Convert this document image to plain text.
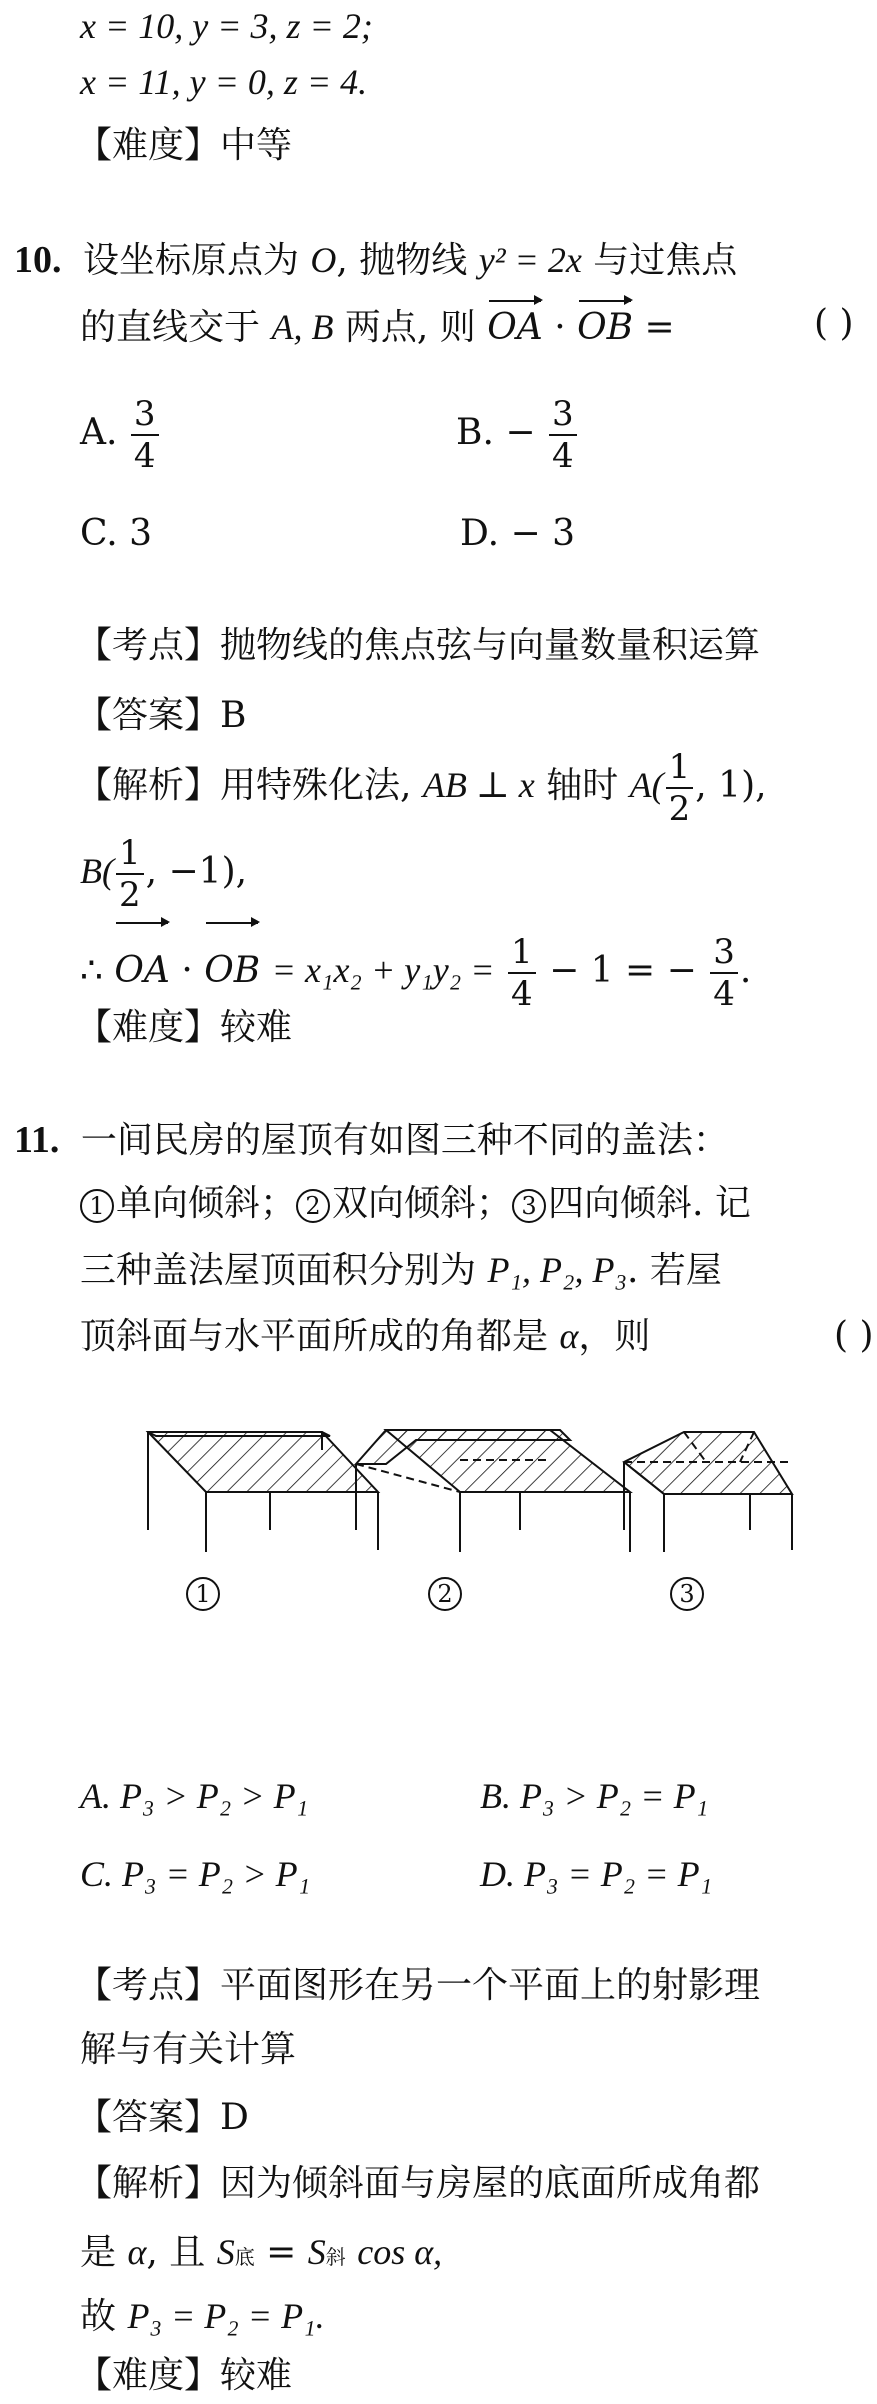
x = 10, y = 3, z = 2;
x = 11, y = 0, z = 4.
【难度】中等
10. 设坐标原点为 O, 抛物线 y² = 2x 与过焦点
的直线交于 A, B 两点, 则 OA · OB =	( )
A. $\frac{3}{4}$	B. − $\frac{3}{4}$
C. 3	D. − 3
【考点】抛物线的焦点弦与向量数量积运算
【答案】B
【解析】用特殊化法, AB ⊥ x 轴时 $A( \frac{1}{2}$ , 1),
$B( \frac{1}{2}$ , −1),
∴ OA · OB = $x_1x_2 + y_1y_2 = \frac{1}{4} - 1$ = − $\frac{3}{4}$ .
【难度】较难
11. 一间民房的屋顶有如图三种不同的盖法：
1 单向倾斜； 2 双向倾斜； 3 四向倾斜. 记
三种盖法屋顶面积分别为 P₁, P₂, P₃. 若屋
顶斜面与水平面所成的角都是 α，则	( )
1	2	3
A. P₃ > P₂ > P₁	B. P₃ > P₂ = P₁
C. P₃ = P₂ > P₁	D. P₃ = P₂ = P₁
【考点】平面图形在另一个平面上的射影理
解与有关计算
【答案】D
【解析】因为倾斜面与房屋的底面所成角都
是 α, 且 S底 = S斜 cos α,
故 P₃ = P₂ = P₁.
【难度】较难
